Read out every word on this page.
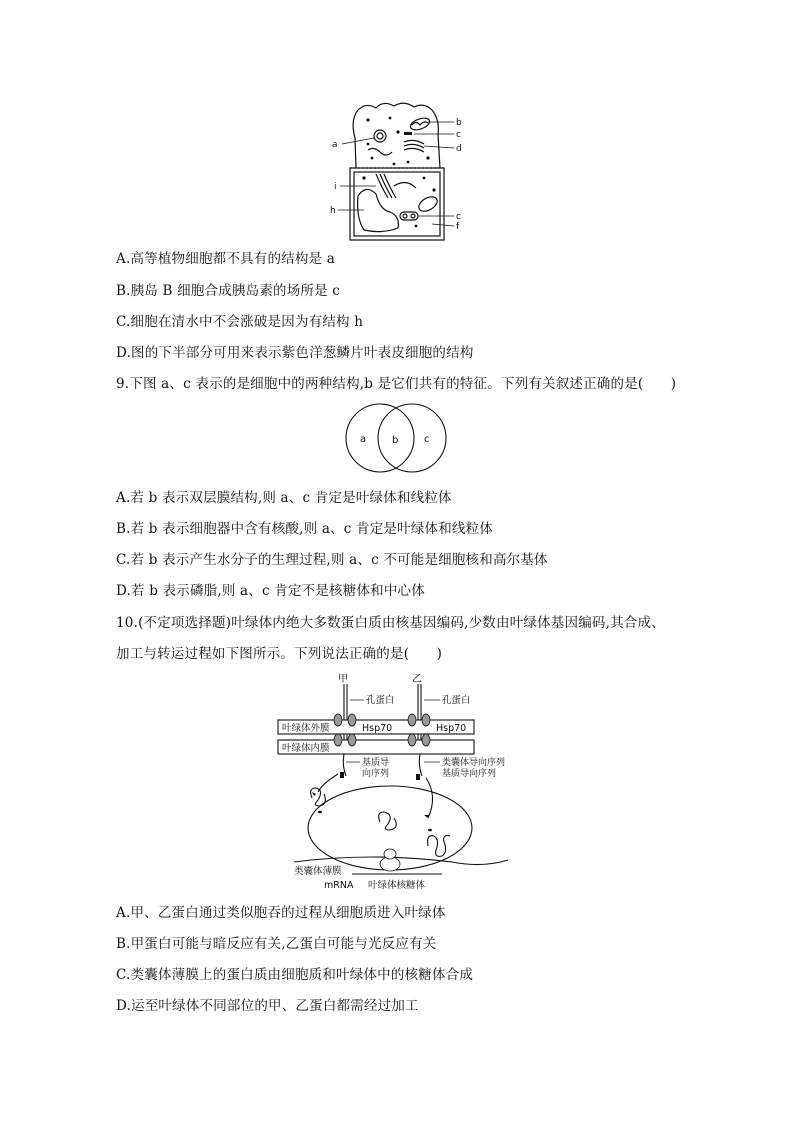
a
b
c
d
i
h
c
f
A.高等植物细胞都不具有的结构是 a
B.胰岛 B 细胞合成胰岛素的场所是 c
C.细胞在清水中不会涨破是因为有结构 h
D.图的下半部分可用来表示紫色洋葱鳞片叶表皮细胞的结构
9.下图 a、c 表示的是细胞中的两种结构,b 是它们共有的特征。下列有关叙述正确的是(　　)
a	b	c
A.若 b 表示双层膜结构,则 a、c 肯定是叶绿体和线粒体
B.若 b 表示细胞器中含有核酸,则 a、c 肯定是叶绿体和线粒体
C.若 b 表示产生水分子的生理过程,则 a、c 不可能是细胞核和高尔基体
D.若 b 表示磷脂,则 a、c 肯定不是核糖体和中心体
10.(不定项选择题)叶绿体内绝大多数蛋白质由核基因编码,少数由叶绿体基因编码,其合成、
加工与转运过程如下图所示。下列说法正确的是(　　)
甲	乙
孔蛋白	孔蛋白
叶绿体外膜
叶绿体内膜
Hsp70	Hsp70
基质导
向序列
类囊体导向序列
基质导向序列
类囊体薄膜
mRNA 叶绿体核糖体
A.甲、乙蛋白通过类似胞吞的过程从细胞质进入叶绿体
B.甲蛋白可能与暗反应有关,乙蛋白可能与光反应有关
C.类囊体薄膜上的蛋白质由细胞质和叶绿体中的核糖体合成
D.运至叶绿体不同部位的甲、乙蛋白都需经过加工
